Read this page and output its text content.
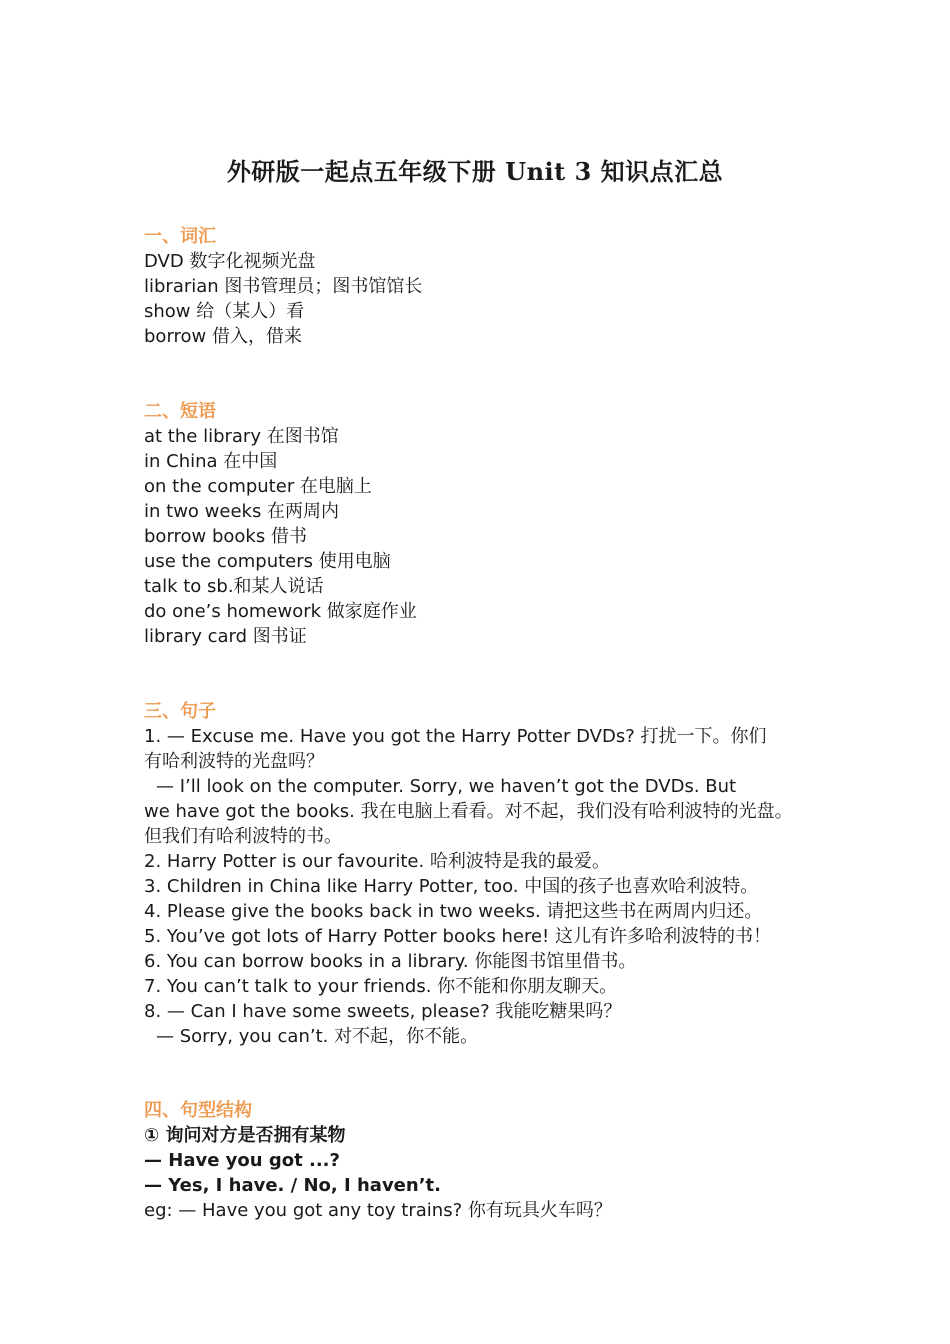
外研版一起点五年级下册 Unit 3 知识点汇总
一、词汇
DVD 数字化视频光盘
librarian 图书管理员；图书馆馆长
show 给（某人）看
borrow 借入，借来
二、短语
at the library 在图书馆
in China 在中国
on the computer 在电脑上
in two weeks 在两周内
borrow books 借书
use the computers 使用电脑
talk to sb.和某人说话
do one’s homework 做家庭作业
library card 图书证
三、句子
1. — Excuse me. Have you got the Harry Potter DVDs? 打扰一下。你们
有哈利波特的光盘吗？
— I’ll look on the computer. Sorry, we haven’t got the DVDs. But
we have got the books. 我在电脑上看看。对不起，我们没有哈利波特的光盘。
但我们有哈利波特的书。
2. Harry Potter is our favourite. 哈利波特是我的最爱。
3. Children in China like Harry Potter, too. 中国的孩子也喜欢哈利波特。
4. Please give the books back in two weeks. 请把这些书在两周内归还。
5. You’ve got lots of Harry Potter books here! 这儿有许多哈利波特的书！
6. You can borrow books in a library. 你能图书馆里借书。
7. You can’t talk to your friends. 你不能和你朋友聊天。
8. — Can I have some sweets, please? 我能吃糖果吗？
— Sorry, you can’t. 对不起，你不能。
四、句型结构
① 询问对方是否拥有某物
— Have you got ...?
— Yes, I have. / No, I haven’t.
eg: — Have you got any toy trains? 你有玩具火车吗？
